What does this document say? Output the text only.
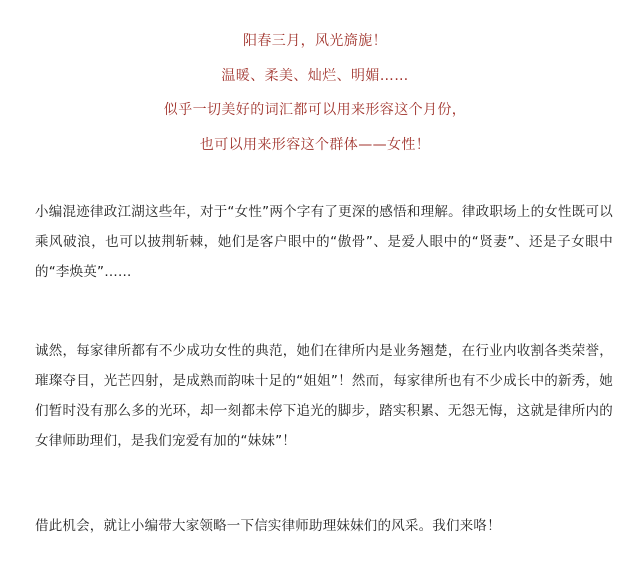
阳春三月，风光旖旎！

温暖、柔美、灿烂、明媚……

似乎一切美好的词汇都可以用来形容这个月份，

也可以用来形容这个群体——女性！

小编混迹律政江湖这些年，对于“女性”两个字有了更深的感悟和理解。律政职场上的女性既可以乘风破浪，也可以披荆斩棘，她们是客户眼中的“傲骨”、是爱人眼中的“贤妻”、还是子女眼中的“李焕英”……

诚然，每家律所都有不少成功女性的典范，她们在律所内是业务翘楚，在行业内收割各类荣誉，璀璨夺目，光芒四射，是成熟而韵味十足的“姐姐”！然而，每家律所也有不少成长中的新秀，她们暂时没有那么多的光环，却一刻都未停下追光的脚步，踏实积累、无怨无悔，这就是律所内的女律师助理们，是我们宠爱有加的“妹妹”！

借此机会，就让小编带大家领略一下信实律师助理妹妹们的风采。我们来咯！
